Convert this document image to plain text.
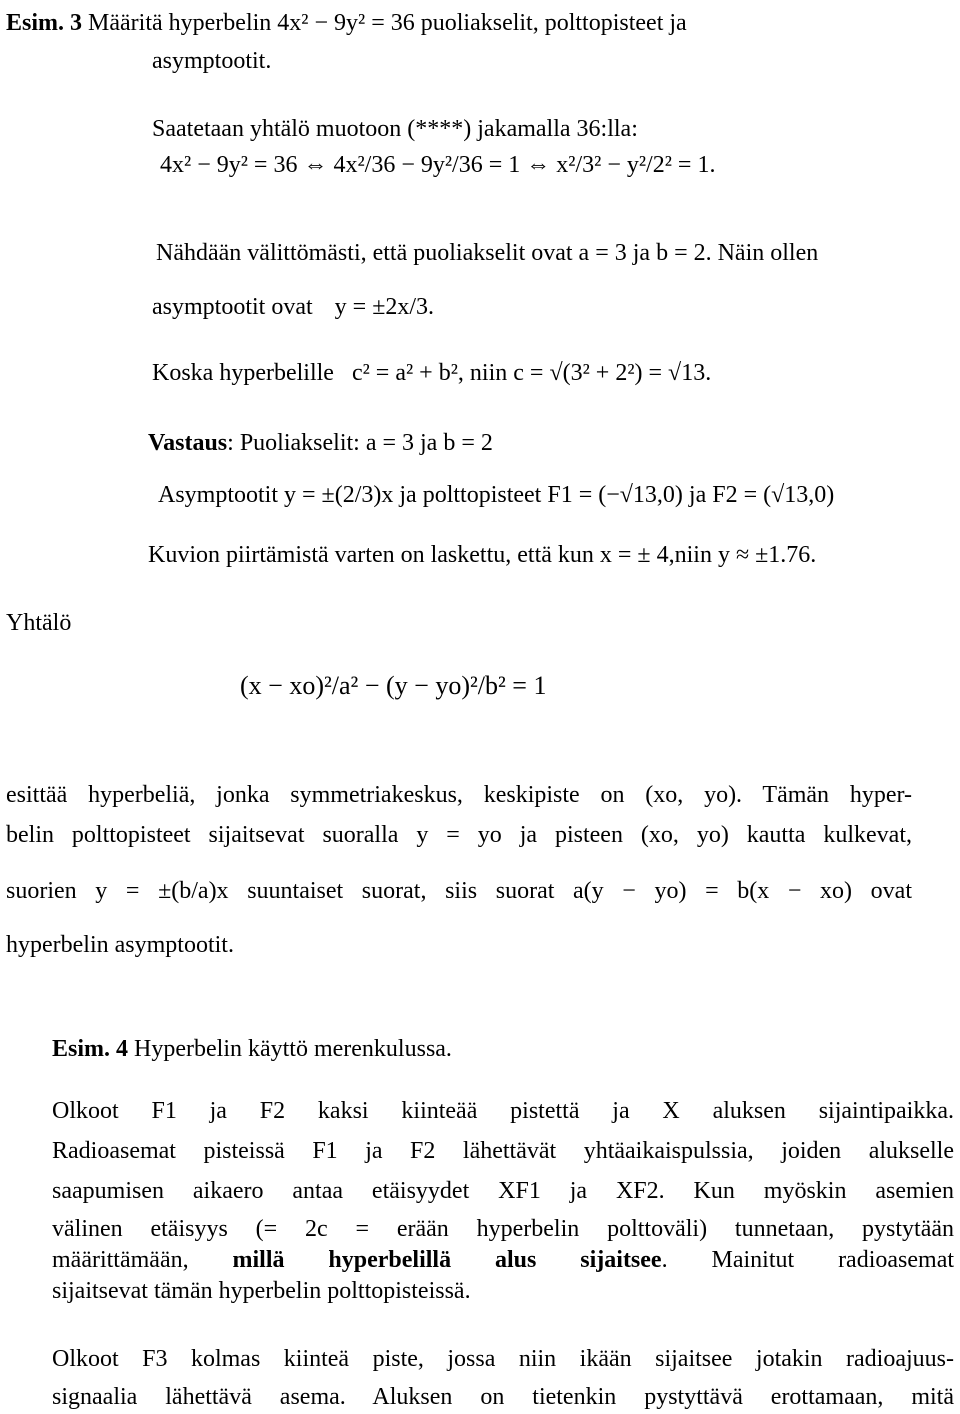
Esim. 3 Määritä hyperbelin 4x² − 9y² = 36 puoliakselit, polttopisteet ja
asymptootit.
Saatetaan yhtälö muotoon (****) jakamalla 36:lla:
4x² − 9y² = 36 ⇔ 4x²/36 − 9y²/36 = 1 ⇔ x²/3² − y²/2² = 1.
Nähdään välittömästi, että puoliakselit ovat a = 3 ja b = 2. Näin ollen
asymptootit ovat y = ±2x/3.
Koska hyperbelille c² = a² + b², niin c = √(3² + 2²) = √13.
Vastaus: Puoliakselit: a = 3 ja b = 2
Asymptootit y = ±(2/3)x ja polttopisteet F1 = (−√13,0) ja F2 = (√13,0)
Kuvion piirtämistä varten on laskettu, että kun x = ± 4,niin y ≈ ±1.76.
Yhtälö
(x − xo)²/a² − (y − yo)²/b² = 1
esittää hyperbeliä, jonka symmetriakeskus, keskipiste on (xo, yo). Tämän hyper-
belin polttopisteet sijaitsevat suoralla y = yo ja pisteen (xo, yo) kautta kulkevat,
suorien y = ±(b/a)x suuntaiset suorat, siis suorat a(y − yo) = b(x − xo) ovat
hyperbelin asymptootit.
Esim. 4 Hyperbelin käyttö merenkulussa.
Olkoot F1 ja F2 kaksi kiinteää pistettä ja X aluksen sijaintipaikka.
Radioasemat pisteissä F1 ja F2 lähettävät yhtäaikaispulssia, joiden alukselle
saapumisen aikaero antaa etäisyydet XF1 ja XF2. Kun myöskin asemien
välinen etäisyys (= 2c = erään hyperbelin polttoväli) tunnetaan, pystytään
määrittämään, millä hyperbelillä alus sijaitsee. Mainitut radioasemat
sijaitsevat tämän hyperbelin polttopisteissä.
Olkoot F3 kolmas kiinteä piste, jossa niin ikään sijaitsee jotakin radioajuus-
signaalia lähettävä asema. Aluksen on tietenkin pystyttävä erottamaan, mitä
